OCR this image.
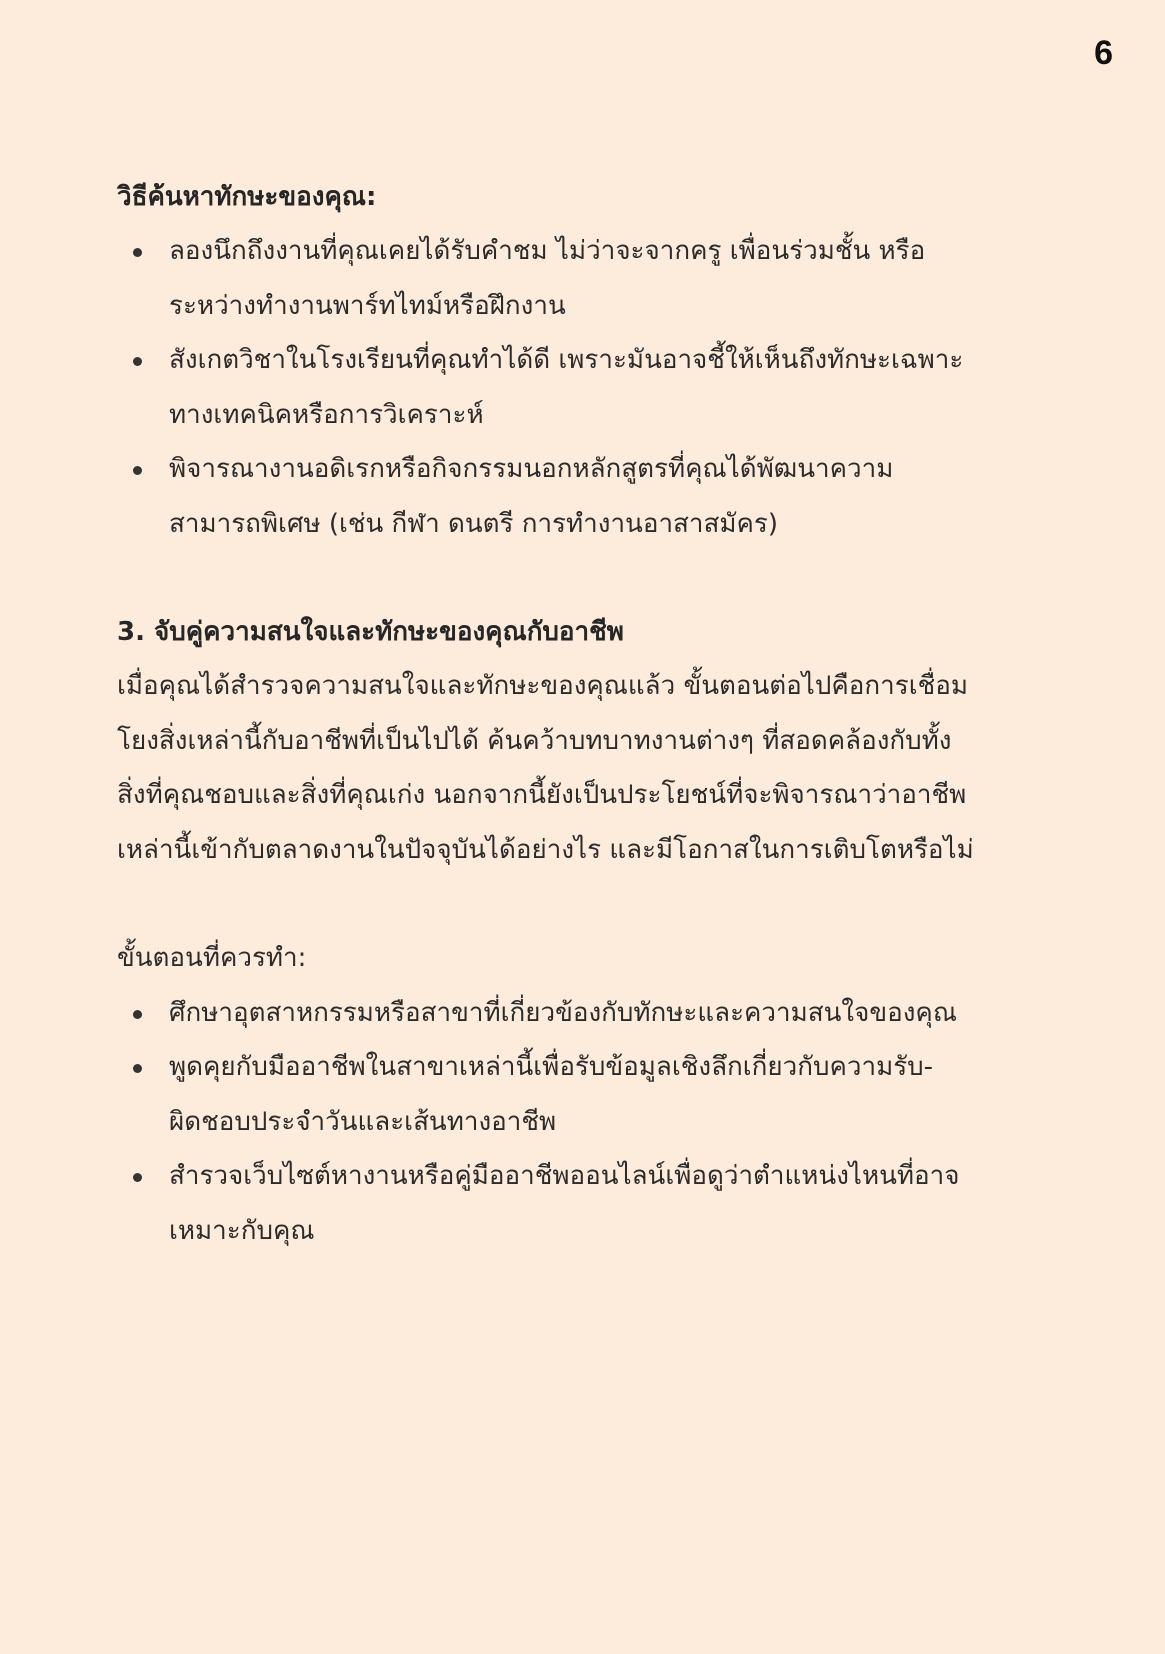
6

วิธีค้นหาทักษะของคุณ:

ลองนึกถึงงานที่คุณเคยได้รับคำชม ไม่ว่าจะจากครู เพื่อนร่วมชั้น หรือ
ระหว่างทำงานพาร์ทไทม์หรือฝึกงาน
สังเกตวิชาในโรงเรียนที่คุณทำได้ดี เพราะมันอาจชี้ให้เห็นถึงทักษะเฉพาะ
ทางเทคนิคหรือการวิเคราะห์
พิจารณางานอดิเรกหรือกิจกรรมนอกหลักสูตรที่คุณได้พัฒนาความ
สามารถพิเศษ (เช่น กีฬา ดนตรี การทำงานอาสาสมัคร)

3. จับคู่ความสนใจและทักษะของคุณกับอาชีพ

เมื่อคุณได้สำรวจความสนใจและทักษะของคุณแล้ว ขั้นตอนต่อไปคือการเชื่อม
โยงสิ่งเหล่านี้กับอาชีพที่เป็นไปได้ ค้นคว้าบทบาทงานต่างๆ ที่สอดคล้องกับทั้ง
สิ่งที่คุณชอบและสิ่งที่คุณเก่ง นอกจากนี้ยังเป็นประโยชน์ที่จะพิจารณาว่าอาชีพ
เหล่านี้เข้ากับตลาดงานในปัจจุบันได้อย่างไร และมีโอกาสในการเติบโตหรือไม่

ขั้นตอนที่ควรทำ:

ศึกษาอุตสาหกรรมหรือสาขาที่เกี่ยวข้องกับทักษะและความสนใจของคุณ
พูดคุยกับมืออาชีพในสาขาเหล่านี้เพื่อรับข้อมูลเชิงลึกเกี่ยวกับความรับ-
ผิดชอบประจำวันและเส้นทางอาชีพ
สำรวจเว็บไซต์หางานหรือคู่มืออาชีพออนไลน์เพื่อดูว่าตำแหน่งไหนที่อาจ
เหมาะกับคุณ
